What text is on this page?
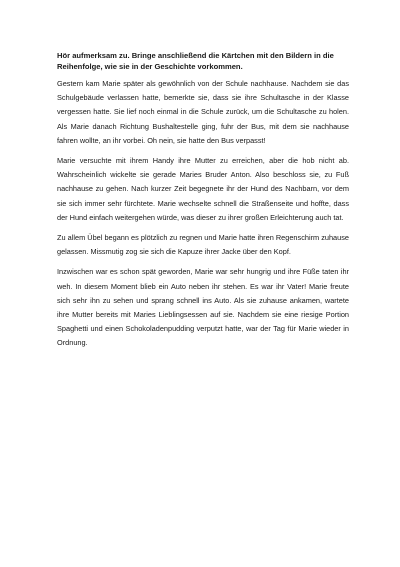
Hör aufmerksam zu. Bringe anschließend die Kärtchen mit den Bildern in die Reihenfolge, wie sie in der Geschichte vorkommen.

Gestern kam Marie später als gewöhnlich von der Schule nachhause. Nachdem sie das Schulgebäude verlassen hatte, bemerkte sie, dass sie ihre Schultasche in der Klasse vergessen hatte. Sie lief noch einmal in die Schule zurück, um die Schultasche zu holen. Als Marie danach Richtung Bushaltestelle ging, fuhr der Bus, mit dem sie nachhause fahren wollte, an ihr vorbei. Oh nein, sie hatte den Bus verpasst!

Marie versuchte mit ihrem Handy ihre Mutter zu erreichen, aber die hob nicht ab. Wahrscheinlich wickelte sie gerade Maries Bruder Anton. Also beschloss sie, zu Fuß nachhause zu gehen. Nach kurzer Zeit begegnete ihr der Hund des Nachbarn, vor dem sie sich immer sehr fürchtete. Marie wechselte schnell die Straßenseite und hoffte, dass der Hund einfach weitergehen würde, was dieser zu ihrer großen Erleichterung auch tat.

Zu allem Übel begann es plötzlich zu regnen und Marie hatte ihren Regenschirm zuhause gelassen. Missmutig zog sie sich die Kapuze ihrer Jacke über den Kopf.

Inzwischen war es schon spät geworden, Marie war sehr hungrig und ihre Füße taten ihr weh. In diesem Moment blieb ein Auto neben ihr stehen. Es war ihr Vater! Marie freute sich sehr ihn zu sehen und sprang schnell ins Auto. Als sie zuhause ankamen, wartete ihre Mutter bereits mit Maries Lieblingsessen auf sie. Nachdem sie eine riesige Portion Spaghetti und einen Schokoladenpudding verputzt hatte, war der Tag für Marie wieder in Ordnung.
